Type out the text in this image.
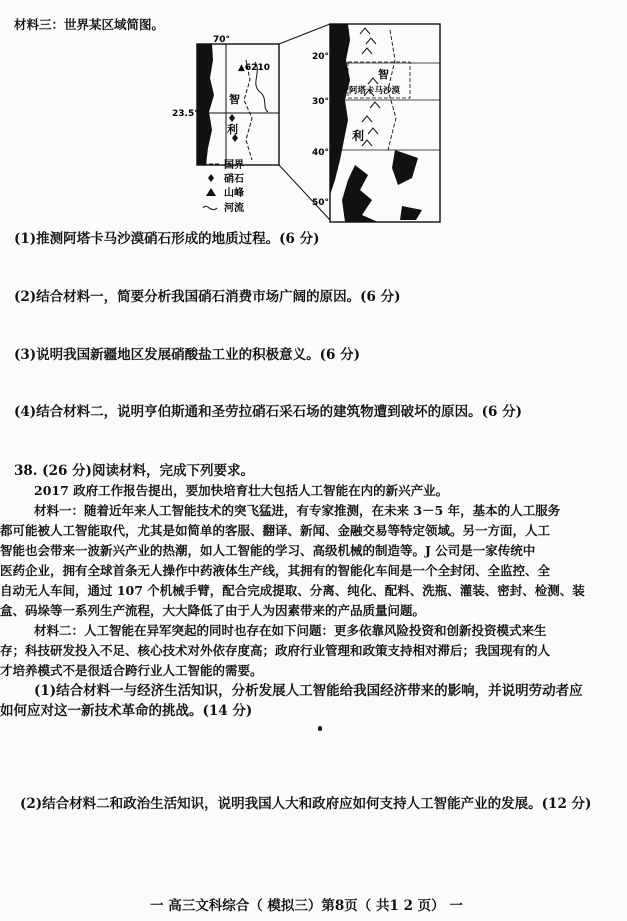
材料三：世界某区域简图。
70°
▲6210
23.5°
智
利
20°
30°
40°
50°
智
阿塔卡马沙漠
利
国界
硝石
山峰
河流
(1)推测阿塔卡马沙漠硝石形成的地质过程。(6 分)
(2)结合材料一，简要分析我国硝石消费市场广阔的原因。(6 分)
(3)说明我国新疆地区发展硝酸盐工业的积极意义。(6 分)
(4)结合材料二，说明亨伯斯通和圣劳拉硝石采石场的建筑物遭到破坏的原因。(6 分)
38. (26 分)阅读材料，完成下列要求。
2017 政府工作报告提出，要加快培育壮大包括人工智能在内的新兴产业。
材料一：随着近年来人工智能技术的突飞猛进，有专家推测，在未来 3－5 年，基本的人工服务
都可能被人工智能取代，尤其是如简单的客服、翻译、新闻、金融交易等特定领域。另一方面，人工
智能也会带来一波新兴产业的热潮，如人工智能的学习、高级机械的制造等。J 公司是一家传统中
医药企业，拥有全球首条无人操作中药液体生产线，其拥有的智能化车间是一个全封闭、全监控、全
自动无人车间，通过 107 个机械手臂，配合完成提取、分离、纯化、配料、洗瓶、灌装、密封、检测、装
盒、码垛等一系列生产流程，大大降低了由于人为因素带来的产品质量问题。
材料二：人工智能在异军突起的同时也存在如下问题：更多依靠风险投资和创新投资模式来生
存；科技研发投入不足、核心技术对外依存度高；政府行业管理和政策支持相对滞后；我国现有的人
才培养模式不是很适合跨行业人工智能的需要。
(1)结合材料一与经济生活知识，分析发展人工智能给我国经济带来的影响，并说明劳动者应
如何应对这一新技术革命的挑战。(14 分)
(2)结合材料二和政治生活知识，说明我国人大和政府应如何支持人工智能产业的发展。(12 分)
一 高三文科综合（ 模拟三）第8页（ 共1 2 页） 一
